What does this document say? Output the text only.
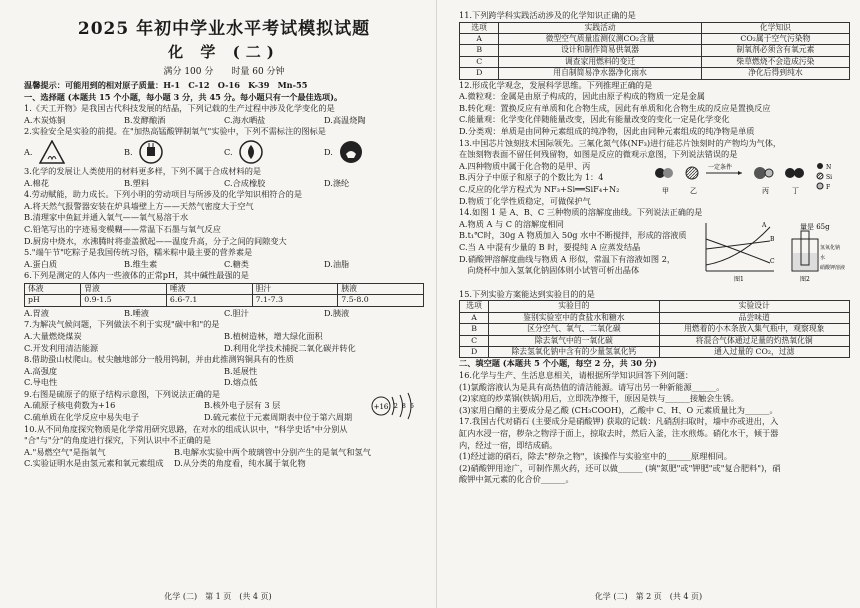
2025 年初中学业水平考试模拟试题
化 学 (二)
满分 100 分　　时量 60 分钟
温馨提示：可能用到的相对原子质量：H-1　C-12　O-16　K-39　Mn-55
一、选择题 (本题共 15 个小题，每小题 3 分，共 45 分。每小题只有一个最佳选项)。
1.《天工开物》是我国古代科技发展的结晶，下列记载的生产过程中涉及化学变化的是
A.木炭炼铜	B.发酵酿酒	C.海水晒盐	D.高温烧陶
2.实验安全是实验的前提。在"加热高锰酸钾制氧气"实验中，下列不需标注的图标是
A.	B.	C.	D.
3.化学的发展让人类使用的材料更多样，下列不属于合成材料的是
A.棉花	B.塑料	C.合成橡胶	D.涤纶
4.劳动赋能，助力成长。下列小明的劳动项目与所涉及的化学知识相符合的是
A.将天然气报警器安装在炉具墙壁上方——天然气密度大于空气
B.清理家中鱼缸并通入氧气——氧气易溶于水
C.铅笔写出的字迹易变模糊——常温下石墨与氧气反应
D.厨房中烧水，水沸腾时将壶盖掀起——温度升高，分子之间的间隙变大
5."端午节"吃粽子是我国传统习俗，糯米粽中最主要的营养素是
A.蛋白质	B.维生素	C.糖类	D.油脂
6.下列是测定的人体内一些液体的正常pH，其中碱性最强的是
体液	胃液	唾液	胆汁	胰液
pH	0.9-1.5	6.6-7.1	7.1-7.3	7.5-8.0
A.胃液	B.唾液	C.胆汁	D.胰液
7.为解决气候问题，下列做法不利于实现"碳中和"的是
A.大量燃烧煤炭	B.植树造林，增大绿化面积
C.开发利用清洁能源	D.利用化学技术捕捉二氧化碳并转化
8.借助蛩山杖爬山。杖尖触地部分一般用钨制，并由此推测钨铜具有的性质
A.高强度	B.延展性
C.导电性	D.熔点低
9.右图是硫原子的原子结构示意图，下列说法正确的是
A.硫原子核电荷数为+16	B.核外电子层有 3 层
C.硫单质在化学反应中易失电子	D.硫元素位于元素周期表中位于第六周期
+16 2 8 6
10.从不同角度探究物质是化学常用研究思路，在对水的组成认识中，"科学史话"中分别从
"合"与"分"的角度进行探究，下列认识中不正确的是
A."易燃空气"是指氧气	B.电解水实验中两个玻璃管中分别产生的是氧气和氢气
C.实验证明水是由氢元素和氧元素组成	D.从分类的角度看，纯水属于氧化物
化学 (二)　第 1 页　(共 4 页)
11.下列跨学科实践活动涉及的化学知识正确的是
选项	实践活动	化学知识
A	微型空气质量监测仪测CO₂含量	CO₂属于空气污染物
B	设计和制作简易供氧器	制氧剂必须含有氧元素
C	调查家用燃料的变迁	柴草燃烧不会造成污染
D	用自制简易净水器净化雨水	净化后得到纯水
12.形成化学观念，发展科学思维。下列推理正确的是
A.微粒观：金属是由原子构成的，因此由原子构成的物质一定是金属
B.转化观：置换反应有单质和化合物生成，因此有单质和化合物生成的反应是置换反应
C.能量观：化学变化伴随能量改变，因此有能量改变的变化一定是化学变化
D.分类观：单质是由同种元素组成的纯净物，因此由同种元素组成的纯净物是单质
13.中国芯片蚀刻技术国际领先。三氟化氮气体(NF₃)进行硅芯片蚀刻时的产物均为气体，
在蚀刻物表面不留任何残留物，如图是反应的微观示意图，下列说法错误的是
A.四种物质中属于化合物的是甲、丙
B.丙分子中原子和原子的个数比为 1：4
C.反应的化学方程式为 NF₃+Si══SiF₄+N₂
D.物质丁化学性质稳定，可做保护气
一定条件
甲	乙	丙	丁
N
Si
F
14.如图 1 是 A、B、C 三种物质的溶解度曲线。下列说法正确的是
A.物质 A 与 C 的溶解度相同
B.t₁℃时，30g A 物质加入 50g 水中不断搅拌，形成的溶液质
C.当 A 中混有少量的 B 时，要提纯 A 应蒸发结晶
D.硝酸钾溶解度曲线与物质 A 形似，常温下有溶液如图 2，
　向烧杯中加入氢氧化钠固体则小试管可析出晶体
A
B
C
图1
量是 65g
氢氧化钠
水
硝酸钾溶液
图2
15.下列实验方案能达到实验目的的是
选项	实验目的	实验设计
A	鉴别实验室中的食盐水和糖水	品尝味道
B	区分空气、氧气、二氧化碳	用燃着的小木条放入集气瓶中，观察现象
C	除去氧气中的一氧化碳	将混合气体通过足量的灼热氧化铜
D	除去氢氧化钠中含有的少量氢氧化钙	通入过量的 CO₂，过滤
二、填空题 (本题共 5 个小题，每空 2 分，共 30 分)
16.化学与生产、生活息息相关，请根据所学知识回答下列问题：
(1)氯酸溶液认为是具有高热值的清洁能源。请写出另一种新能源______。
(2)家庭的炒菜锅(铁锅)用后，立即洗净擦干，原因是铁与______接触会生锈。
(3)家用白醋的主要成分是乙酸 (CH₃COOH)，乙酸中 C、H、O 元素质量比为______。
17.我国古代对硝石 (主要成分是硝酸钾) 获取的记载：凡硝刮扫取时，墙中亦或进出，入
缸内水浸一宿，秽杂之物浮于面上，掠取去时，然后入釜，注水煎炼。硝化水干，倾于器
内，经过一宿，即结成硝。
(1)经过滤的硝石，除去"秽杂之物"，该操作与实验室中的______原理相同。
(2)硝酸钾用途广，可制作黑火药，还可以做______ (填"氮肥"或"钾肥"或"复合肥料")，硝
酸钾中氮元素的化合价______。
化学 (二)　第 2 页　(共 4 页)
